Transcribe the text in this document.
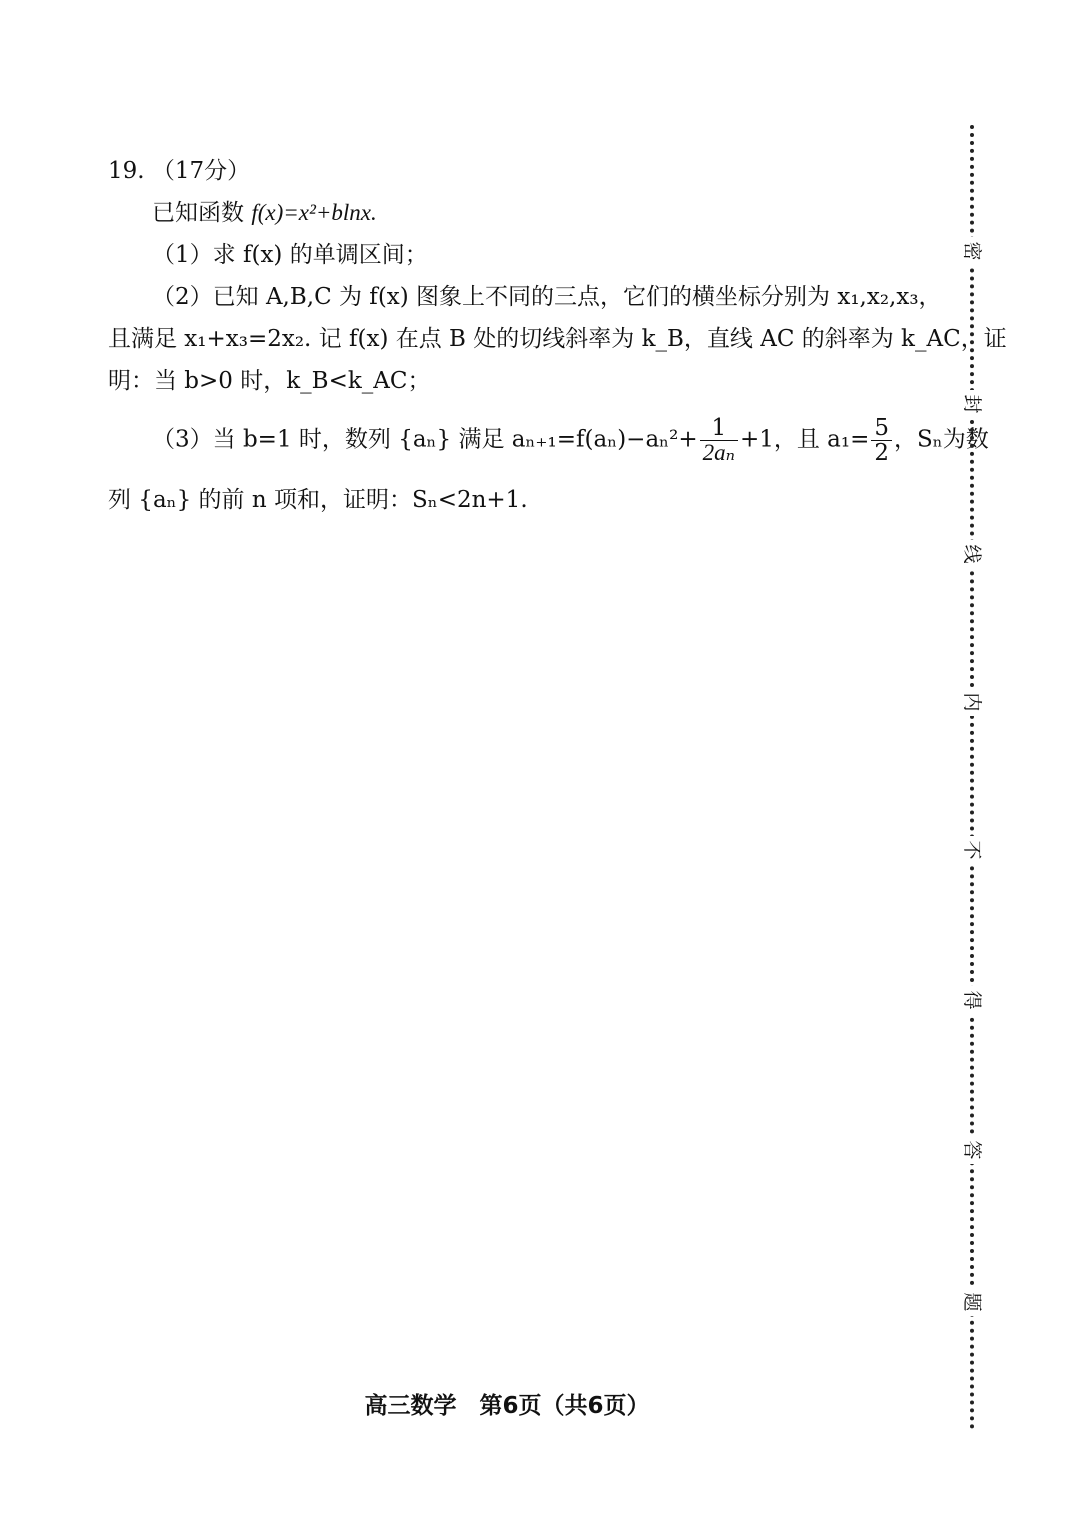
19. （17分）
已知函数 f(x)=x²+blnx.
（1）求 f(x) 的单调区间；
（2）已知 A,B,C 为 f(x) 图象上不同的三点，它们的横坐标分别为 x₁,x₂,x₃，
且满足 x₁+x₃=2x₂. 记 f(x) 在点 B 处的切线斜率为 k_B，直线 AC 的斜率为 k_AC，证
明：当 b>0 时，k_B<k_AC；
（3）当 b=1 时，数列 {aₙ} 满足 $a_{n+1}=f(a_n)-a_n^2+ \frac{1}{\text{2aₙ}} +1$，且 $a_1= \frac{5}{2}$ ，Sₙ为数
列 {aₙ} 的前 n 项和，证明：Sₙ<2n+1.
高三数学　第6页（共6页）
密
封
线
内
不
得
答
题
